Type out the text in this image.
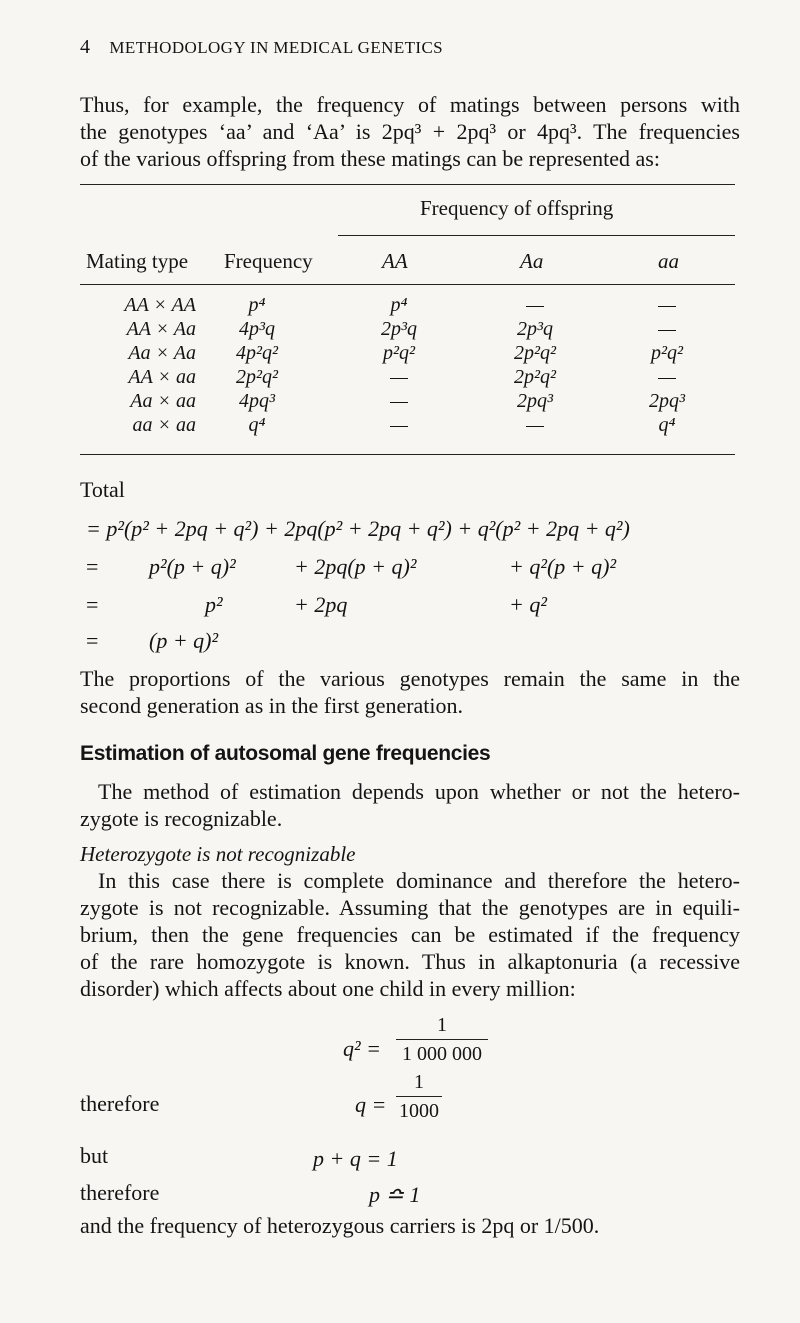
4 METHODOLOGY IN MEDICAL GENETICS
Thus, for example, the frequency of matings between persons with
the genotypes ‘aa’ and ‘Aa’ is 2pq³ + 2pq³ or 4pq³. The frequencies
of the various offspring from these matings can be represented as:
Frequency of offspring
Mating type Frequency	AA	Aa	aa
AA × AA	p⁴	p⁴	—	—
AA × Aa	4p³q	2p³q	2p³q	—
Aa × Aa	4p²q²	p²q²	2p²q²	p²q²
AA × aa	2p²q²	—	2p²q²	—
Aa × aa	4pq³	—	2pq³	2pq³
aa × aa	q⁴	—	—	q⁴
Total
= p²(p² + 2pq + q²) + 2pq(p² + 2pq + q²) + q²(p² + 2pq + q²)
= p²(p + q)²	+ 2pq(p + q)²	+ q²(p + q)²
=	p²	+ 2pq	+ q²
= (p + q)²
The proportions of the various genotypes remain the same in the
second generation as in the first generation.
Estimation of autosomal gene frequencies
The method of estimation depends upon whether or not the hetero-
zygote is recognizable.
Heterozygote is not recognizable
In this case there is complete dominance and therefore the hetero-
zygote is not recognizable. Assuming that the genotypes are in equili-
brium, then the gene frequencies can be estimated if the frequency
of the rare homozygote is known. Thus in alkaptonuria (a recessive
disorder) which affects about one child in every million:
$q^2 = \frac{1}{1 000 000}$
therefore	$q = \frac{1}{1000}$
but	p + q = 1
therefore	p ≏ 1
and the frequency of heterozygous carriers is 2pq or 1/500.
